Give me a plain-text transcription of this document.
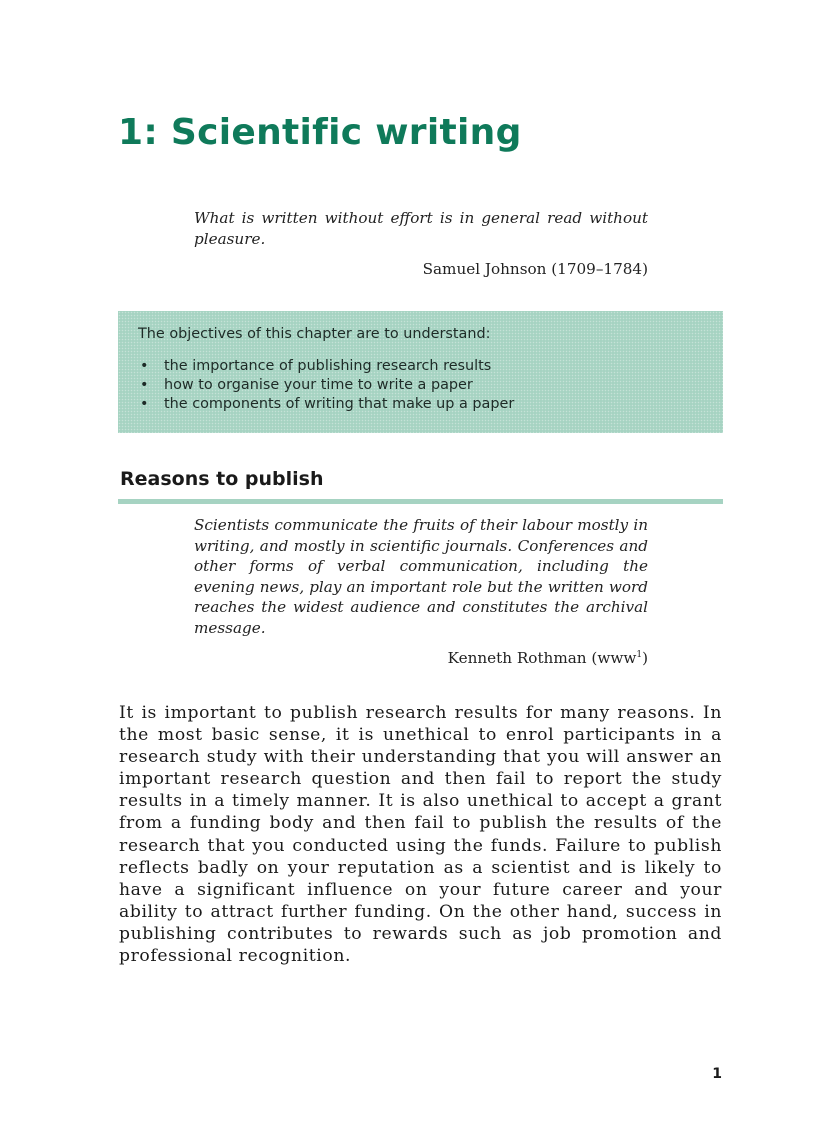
1: Scientific writing

What is written without effort is in general read without pleasure.

Samuel Johnson (1709–1784)

The objectives of this chapter are to understand:

• the importance of publishing research results
• how to organise your time to write a paper
• the components of writing that make up a paper
Reasons to publish

Scientists communicate the fruits of their labour mostly in writing, and mostly in scientific journals. Conferences and other forms of verbal communication, including the evening news, play an important role but the written word reaches the widest audience and constitutes the archival message.

Kenneth Rothman (www$^1$)

It is important to publish research results for many reasons. In the most basic sense, it is unethical to enrol participants in a research study with their understanding that you will answer an important research question and then fail to report the study results in a timely manner. It is also unethical to accept a grant from a funding body and then fail to publish the results of the research that you conducted using the funds. Failure to publish reflects badly on your reputation as a scientist and is likely to have a significant influence on your future career and your ability to attract further funding. On the other hand, success in publishing contributes to rewards such as job promotion and professional recognition.

1
